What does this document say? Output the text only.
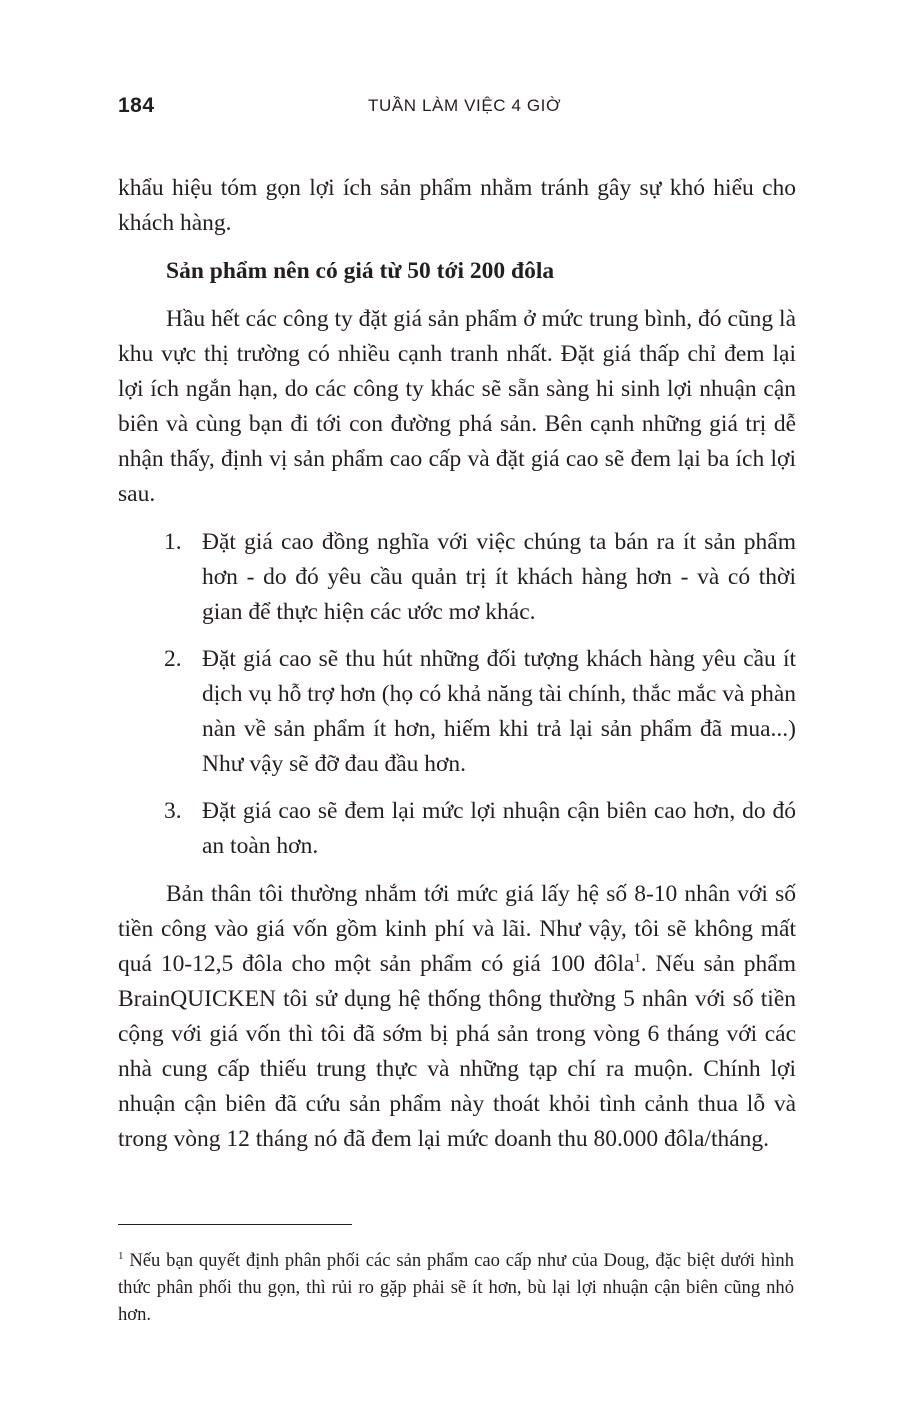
184	TUẦN LÀM VIỆC 4 GIỜ

khẩu hiệu tóm gọn lợi ích sản phẩm nhằm tránh gây sự khó hiểu cho khách hàng.

Sản phẩm nên có giá từ 50 tới 200 đôla

Hầu hết các công ty đặt giá sản phẩm ở mức trung bình, đó cũng là khu vực thị trường có nhiều cạnh tranh nhất. Đặt giá thấp chỉ đem lại lợi ích ngắn hạn, do các công ty khác sẽ sẵn sàng hi sinh lợi nhuận cận biên và cùng bạn đi tới con đường phá sản. Bên cạnh những giá trị dễ nhận thấy, định vị sản phẩm cao cấp và đặt giá cao sẽ đem lại ba ích lợi sau.

1. Đặt giá cao đồng nghĩa với việc chúng ta bán ra ít sản phẩm hơn - do đó yêu cầu quản trị ít khách hàng hơn - và có thời gian để thực hiện các ước mơ khác.
2. Đặt giá cao sẽ thu hút những đối tượng khách hàng yêu cầu ít dịch vụ hỗ trợ hơn (họ có khả năng tài chính, thắc mắc và phàn nàn về sản phẩm ít hơn, hiếm khi trả lại sản phẩm đã mua...) Như vậy sẽ đỡ đau đầu hơn.
3. Đặt giá cao sẽ đem lại mức lợi nhuận cận biên cao hơn, do đó an toàn hơn.

Bản thân tôi thường nhắm tới mức giá lấy hệ số 8-10 nhân với số tiền công vào giá vốn gồm kinh phí và lãi. Như vậy, tôi sẽ không mất quá 10-12,5 đôla cho một sản phẩm có giá 100 đôla$^1$. Nếu sản phẩm BrainQUICKEN tôi sử dụng hệ thống thông thường 5 nhân với số tiền cộng với giá vốn thì tôi đã sớm bị phá sản trong vòng 6 tháng với các nhà cung cấp thiếu trung thực và những tạp chí ra muộn. Chính lợi nhuận cận biên đã cứu sản phẩm này thoát khỏi tình cảnh thua lỗ và trong vòng 12 tháng nó đã đem lại mức doanh thu 80.000 đôla/tháng.

$^1$ Nếu bạn quyết định phân phối các sản phẩm cao cấp như của Doug, đặc biệt dưới hình thức phân phối thu gọn, thì rủi ro gặp phải sẽ ít hơn, bù lại lợi nhuận cận biên cũng nhỏ hơn.
